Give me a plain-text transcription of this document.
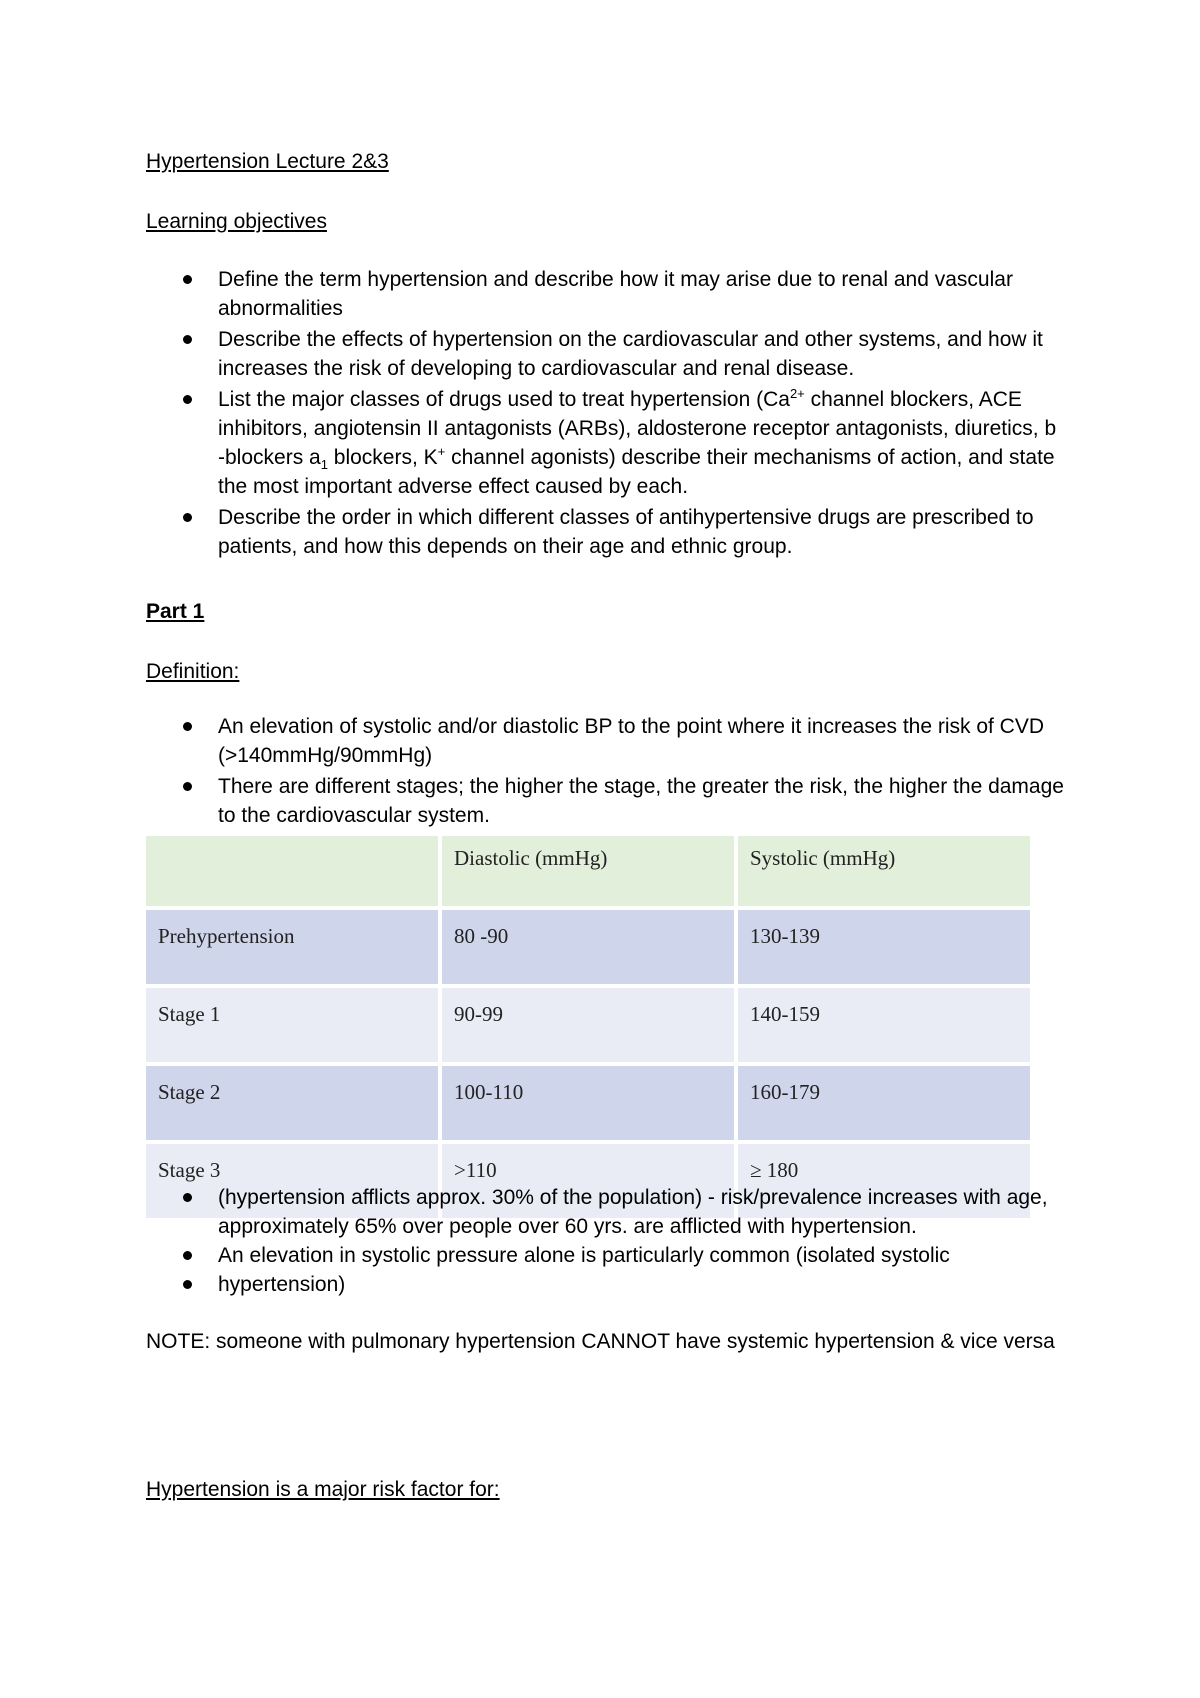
Hypertension Lecture 2&3
Learning objectives
Define the term hypertension and describe how it may arise due to renal and vascular abnormalities
Describe the effects of hypertension on the cardiovascular and other systems, and how it increases the risk of developing to cardiovascular and renal disease.
List the major classes of drugs used to treat hypertension ($Ca^{2+}$ channel blockers, ACE inhibitors, angiotensin II antagonists (ARBs), aldosterone receptor antagonists, diuretics, b -blockers $a_1$ blockers, K+ channel agonists) describe their mechanisms of action, and state the most important adverse effect caused by each.
Describe the order in which different classes of antihypertensive drugs are prescribed to patients, and how this depends on their age and ethnic group.
Part 1
Definition:
An elevation of systolic and/or diastolic BP to the point where it increases the risk of CVD (>140mmHg/90mmHg)
There are different stages; the higher the stage, the greater the risk, the higher the damage to the cardiovascular system.
	Diastolic (mmHg)	Systolic (mmHg)
Prehypertension	80 -90	130-139
Stage 1	90-99	140-159
Stage 2	100-110	160-179
Stage 3	>110	≥ 180
(hypertension afflicts approx. 30% of the population) - risk/prevalence increases with age, approximately 65% over people over 60 yrs. are afflicted with hypertension.
An elevation in systolic pressure alone is particularly common (isolated systolic
hypertension)
NOTE: someone with pulmonary hypertension CANNOT have systemic hypertension & vice versa
Hypertension is a major risk factor for:
